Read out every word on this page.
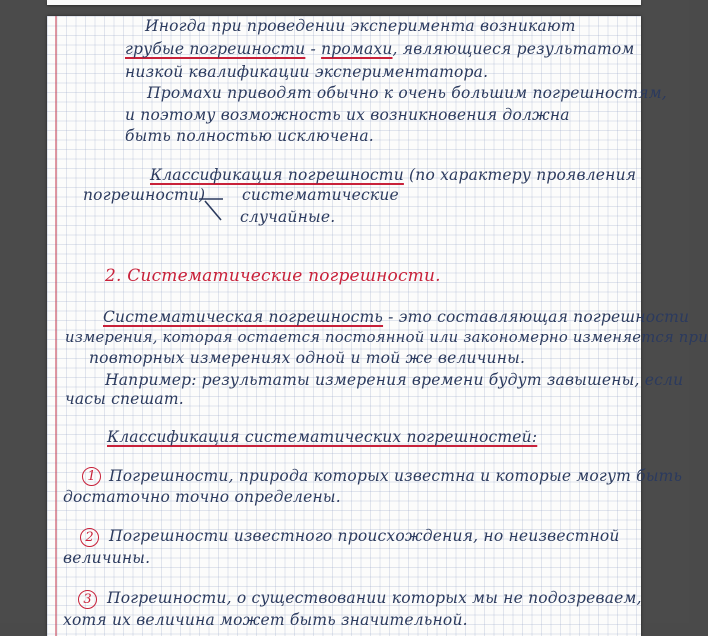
Иногда при проведении эксперимента возникают
грубые погрешности - промахи, являющиеся результатом
низкой квалификации экспериментатора.
Промахи приводят обычно к очень большим погрешностям,
и поэтому возможность их возникновения должна
быть полностью исключена.
Классификация погрешности (по характеру проявления
погрешности) систематические
случайные.
2. Систематические погрешности.
Систематическая погрешность - это составляющая погрешности
измерения, которая остается постоянной или закономерно изменяется при
повторных измерениях одной и той же величины.
Например: результаты измерения времени будут завышены, если
часы спешат.
Классификация систематических погрешностей:
1 Погрешности, природа которых известна и которые могут быть
достаточно точно определены.
2 Погрешности известного происхождения, но неизвестной
величины.
3 Погрешности, о существовании которых мы не подозреваем,
хотя их величина может быть значительной.
